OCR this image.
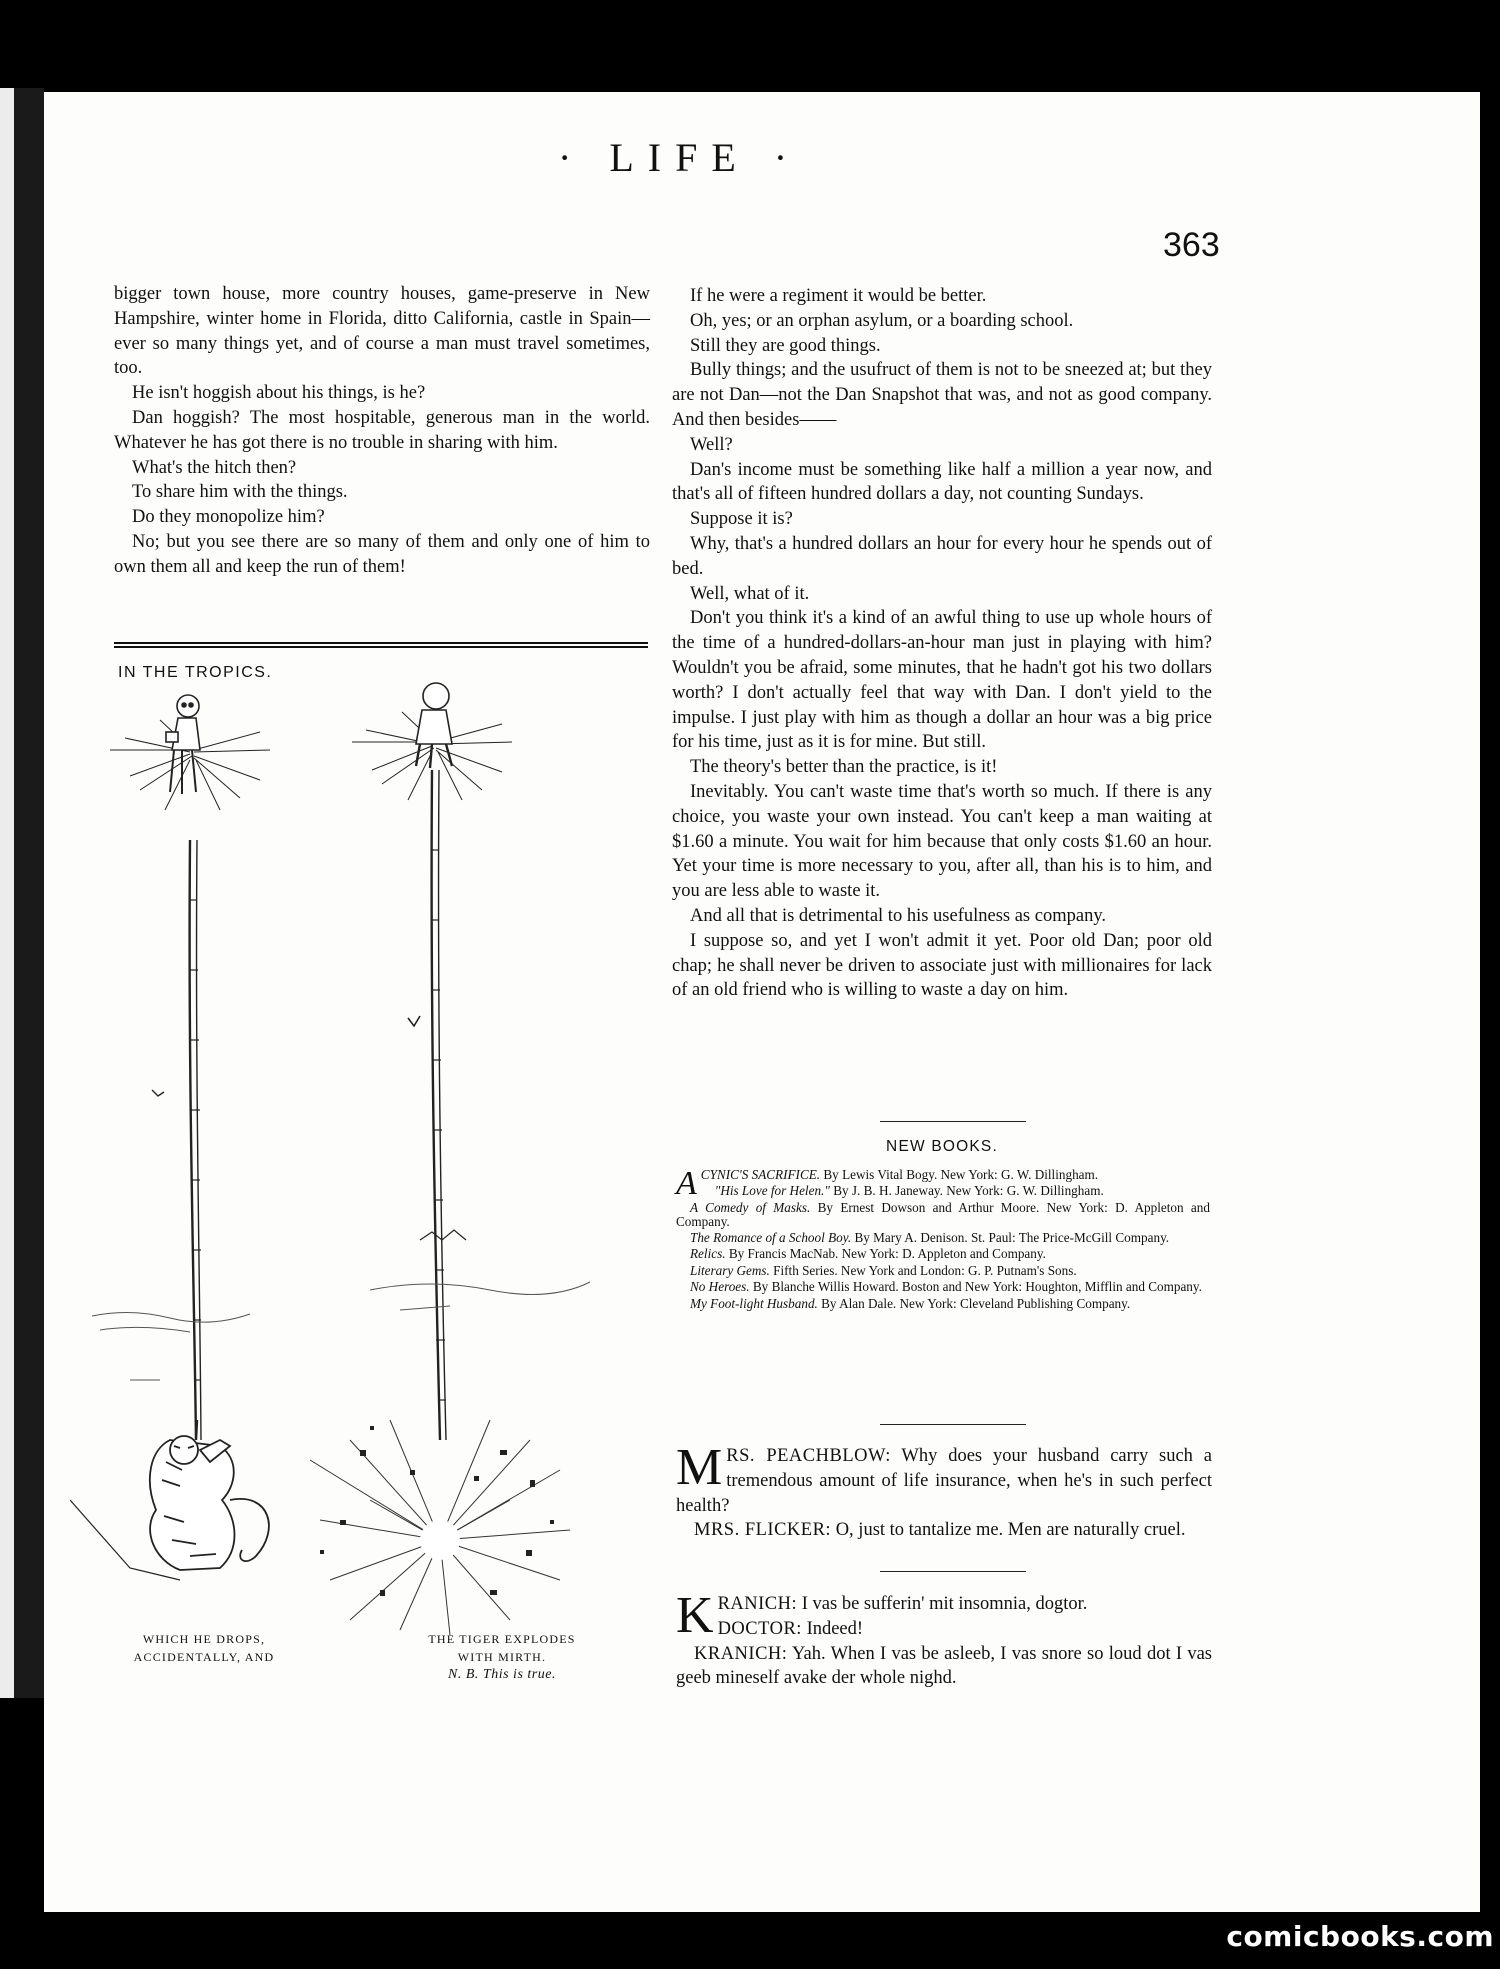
· LIFE ·
363

bigger town house, more country houses, game-preserve in New Hampshire, winter home in Florida, ditto California, castle in Spain—ever so many things yet, and of course a man must travel sometimes, too.

He isn't hoggish about his things, is he?

Dan hoggish? The most hospitable, generous man in the world. Whatever he has got there is no trouble in sharing with him.

What's the hitch then?

To share him with the things.

Do they monopolize him?

No; but you see there are so many of them and only one of him to own them all and keep the run of them!

If he were a regiment it would be better.

Oh, yes; or an orphan asylum, or a boarding school.

Still they are good things.

Bully things; and the usufruct of them is not to be sneezed at; but they are not Dan—not the Dan Snapshot that was, and not as good company. And then besides——

Well?

Dan's income must be something like half a million a year now, and that's all of fifteen hundred dollars a day, not counting Sundays.

Suppose it is?

Why, that's a hundred dollars an hour for every hour he spends out of bed.

Well, what of it.

Don't you think it's a kind of an awful thing to use up whole hours of the time of a hundred-dollars-an-hour man just in playing with him? Wouldn't you be afraid, some minutes, that he hadn't got his two dollars worth? I don't actually feel that way with Dan. I don't yield to the impulse. I just play with him as though a dollar an hour was a big price for his time, just as it is for mine. But still.

The theory's better than the practice, is it!

Inevitably. You can't waste time that's worth so much. If there is any choice, you waste your own instead. You can't keep a man waiting at $1.60 a minute. You wait for him because that only costs $1.60 an hour. Yet your time is more necessary to you, after all, than his is to him, and you are less able to waste it.

And all that is detrimental to his usefulness as company.

I suppose so, and yet I won't admit it yet. Poor old Dan; poor old chap; he shall never be driven to associate just with millionaires for lack of an old friend who is willing to waste a day on him.

IN THE TROPICS.
WHICH HE DROPS,
ACCIDENTALLY, AND
THE TIGER EXPLODES
WITH MIRTH.
N. B. This is true.
NEW BOOKS.
A CYNIC'S SACRIFICE. By Lewis Vital Bogy. New York: G. W. Dillingham.
"His Love for Helen." By J. B. H. Janeway. New York: G. W. Dillingham.
A Comedy of Masks. By Ernest Dowson and Arthur Moore. New York: D. Appleton and Company.
The Romance of a School Boy. By Mary A. Denison. St. Paul: The Price-McGill Company.
Relics. By Francis MacNab. New York: D. Appleton and Company.
Literary Gems. Fifth Series. New York and London: G. P. Putnam's Sons.
No Heroes. By Blanche Willis Howard. Boston and New York: Houghton, Mifflin and Company.
My Foot-light Husband. By Alan Dale. New York: Cleveland Publishing Company.

MRS. PEACHBLOW: Why does your husband carry such a tremendous amount of life insurance, when he's in such perfect health?

MRS. FLICKER: O, just to tantalize me. Men are naturally cruel.

KRANICH: I vas be sufferin' mit insomnia, dogtor.
DOCTOR: Indeed!

KRANICH: Yah. When I vas be asleeb, I vas snore so loud dot I vas geeb mineself avake der whole nighd.

comicbooks.com
